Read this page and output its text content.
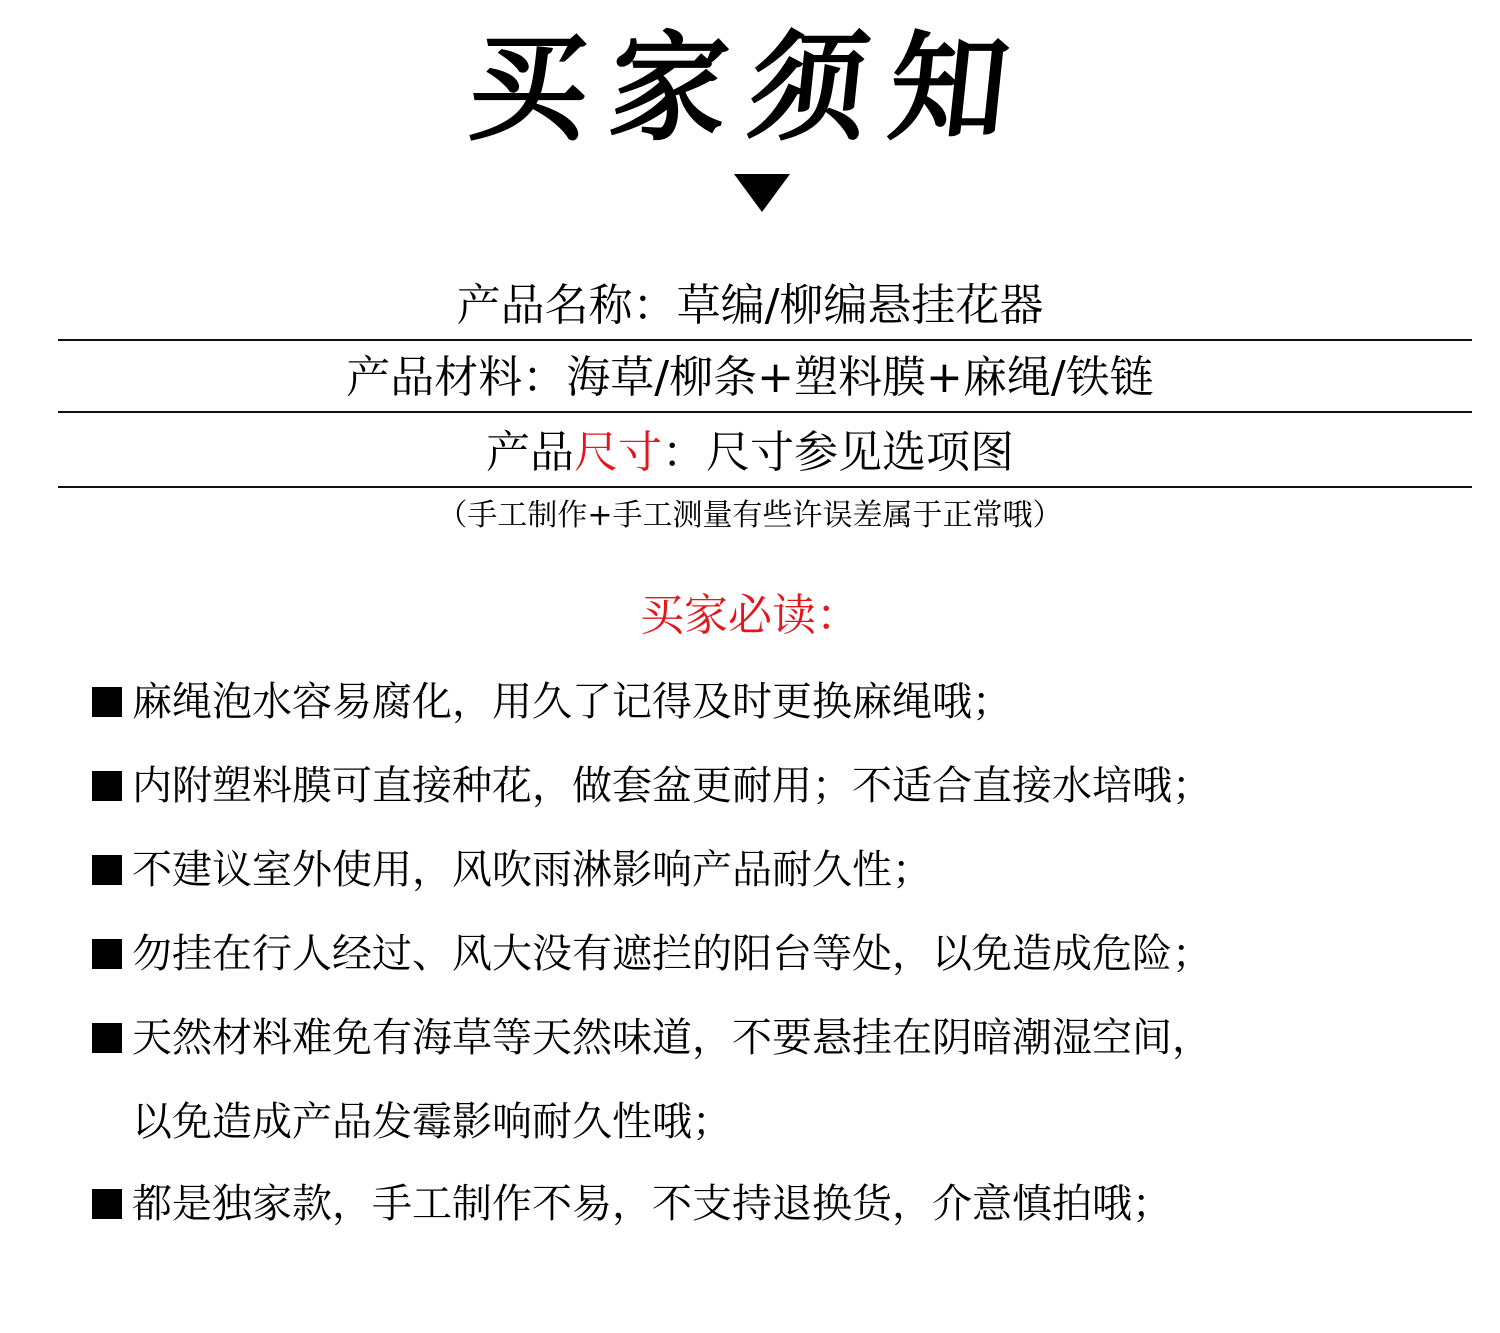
买家须知
产品名称：草编/柳编悬挂花器
产品材料：海草/柳条+塑料膜+麻绳/铁链
产品尺寸：尺寸参见选项图
（手工制作+手工测量有些许误差属于正常哦）
买家必读：
麻绳泡水容易腐化，用久了记得及时更换麻绳哦；
内附塑料膜可直接种花，做套盆更耐用；不适合直接水培哦；
不建议室外使用，风吹雨淋影响产品耐久性；
勿挂在行人经过、风大没有遮拦的阳台等处，以免造成危险；
天然材料难免有海草等天然味道，不要悬挂在阴暗潮湿空间，
以免造成产品发霉影响耐久性哦；
都是独家款，手工制作不易，不支持退换货，介意慎拍哦；
